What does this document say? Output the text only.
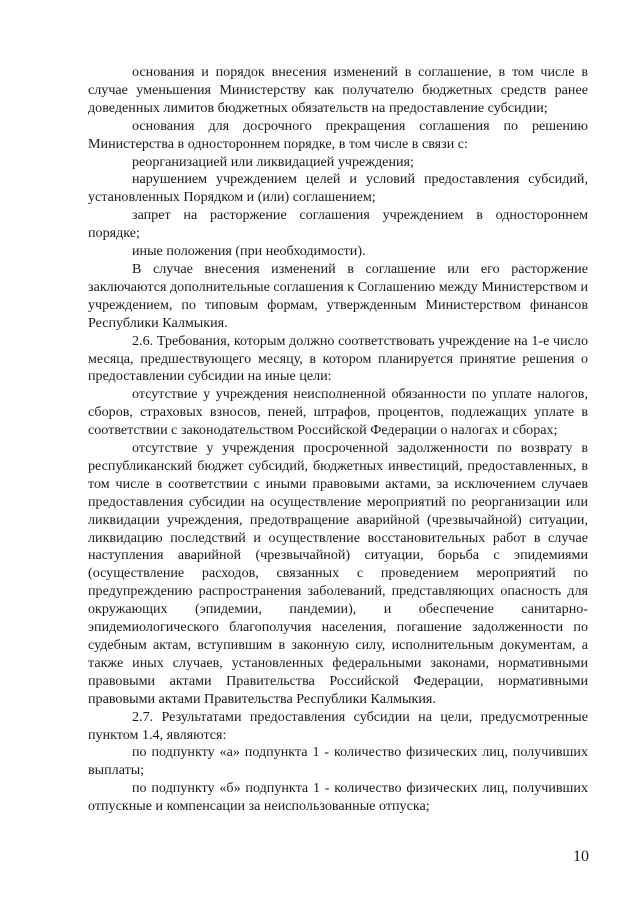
основания и порядок внесения изменений в соглашение, в том числе в случае уменьшения Министерству как получателю бюджетных средств ранее доведенных лимитов бюджетных обязательств на предоставление субсидии;

основания для досрочного прекращения соглашения по решению Министерства в одностороннем порядке, в том числе в связи с:

реорганизацией или ликвидацией учреждения;

нарушением учреждением целей и условий предоставления субсидий, установленных Порядком и (или) соглашением;

запрет на расторжение соглашения учреждением в одностороннем порядке;

иные положения (при необходимости).

В случае внесения изменений в соглашение или его расторжение заключаются дополнительные соглашения к Соглашению между Министерством и учреждением, по типовым формам, утвержденным Министерством финансов Республики Калмыкия.

2.6. Требования, которым должно соответствовать учреждение на 1-е число месяца, предшествующего месяцу, в котором планируется принятие решения о предоставлении субсидии на иные цели:

отсутствие у учреждения неисполненной обязанности по уплате налогов, сборов, страховых взносов, пеней, штрафов, процентов, подлежащих уплате в соответствии с законодательством Российской Федерации о налогах и сборах;

отсутствие у учреждения просроченной задолженности по возврату в республиканский бюджет субсидий, бюджетных инвестиций, предоставленных, в том числе в соответствии с иными правовыми актами, за исключением случаев предоставления субсидии на осуществление мероприятий по реорганизации или ликвидации учреждения, предотвращение аварийной (чрезвычайной) ситуации, ликвидацию последствий и осуществление восстановительных работ в случае наступления аварийной (чрезвычайной) ситуации, борьба с эпидемиями (осуществление расходов, связанных с проведением мероприятий по предупреждению распространения заболеваний, представляющих опасность для окружающих (эпидемии, пандемии), и обеспечение санитарно-эпидемиологического благополучия населения, погашение задолженности по судебным актам, вступившим в законную силу, исполнительным документам, а также иных случаев, установленных федеральными законами, нормативными правовыми актами Правительства Российской Федерации, нормативными правовыми актами Правительства Республики Калмыкия.

2.7. Результатами предоставления субсидии на цели, предусмотренные пунктом 1.4, являются:

по подпункту «а» подпункта 1 - количество физических лиц, получивших выплаты;

по подпункту «б» подпункта 1 - количество физических лиц, получивших отпускные и компенсации за неиспользованные отпуска;

10
